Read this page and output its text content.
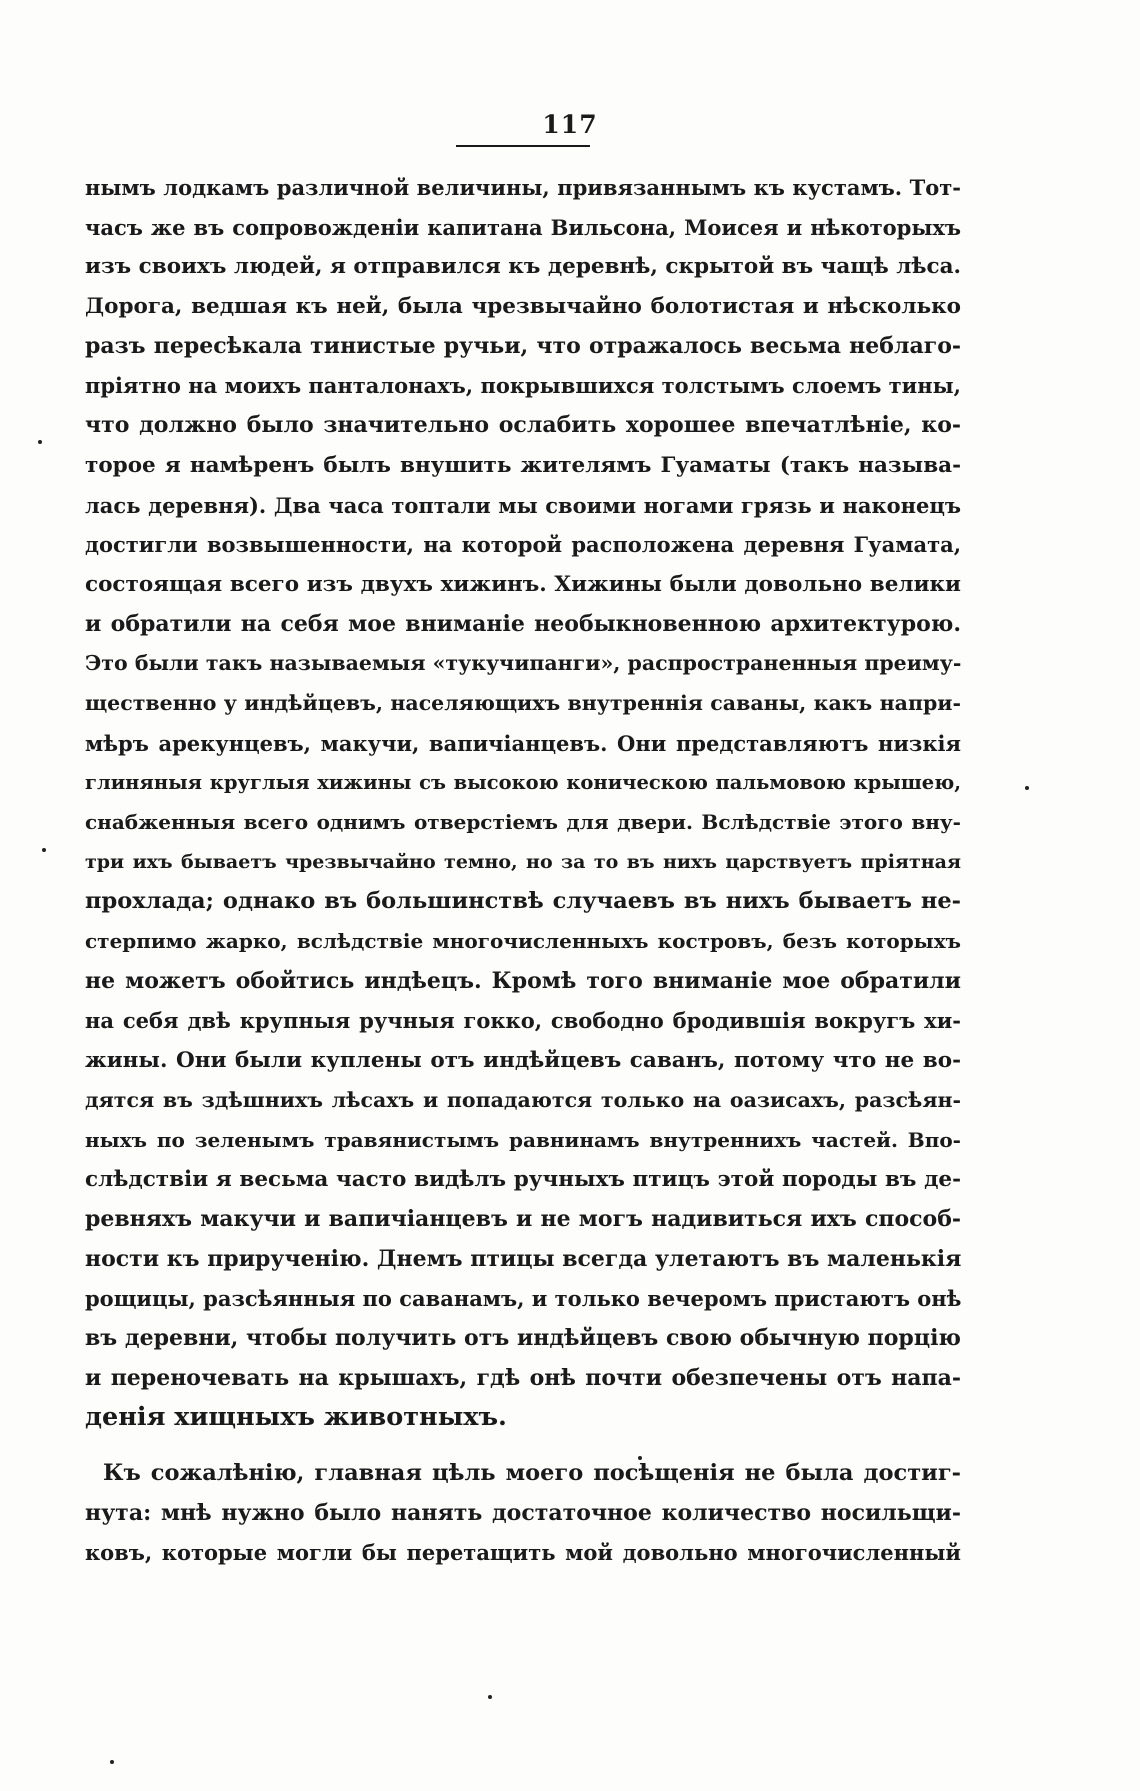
117
нымъ лодкамъ различной величины, привязаннымъ къ кустамъ. Тот-
часъ же въ сопровожденіи капитана Вильсона, Моисея и нѣкоторыхъ
изъ своихъ людей, я отправился къ деревнѣ, скрытой въ чащѣ лѣса.
Дорога, ведшая къ ней, была чрезвычайно болотистая и нѣсколько
разъ пересѣкала тинистые ручьи, что отражалось весьма неблаго-
пріятно на моихъ панталонахъ, покрывшихся толстымъ слоемъ тины,
что должно было значительно ослабить хорошее впечатлѣніе, ко-
торое я намѣренъ былъ внушить жителямъ Гуаматы (такъ называ-
лась деревня). Два часа топтали мы своими ногами грязь и наконецъ
достигли возвышенности, на которой расположена деревня Гуамата,
состоящая всего изъ двухъ хижинъ. Хижины были довольно велики
и обратили на себя мое вниманіе необыкновенною архитектурою.
Это были такъ называемыя «тукучипанги», распространенныя преиму-
щественно у индѣйцевъ, населяющихъ внутреннія саваны, какъ напри-
мѣръ арекунцевъ, макучи, вапичіанцевъ. Они представляютъ низкія
глиняныя круглыя хижины съ высокою коническою пальмовою крышею,
снабженныя всего однимъ отверстіемъ для двери. Вслѣдствіе этого вну-
три ихъ бываетъ чрезвычайно темно, но за то въ нихъ царствуетъ пріятная
прохлада; однако въ большинствѣ случаевъ въ нихъ бываетъ не-
стерпимо жарко, вслѣдствіе многочисленныхъ костровъ, безъ которыхъ
не можетъ обойтись индѣецъ. Кромѣ того вниманіе мое обратили
на себя двѣ крупныя ручныя гокко, свободно бродившія вокругъ хи-
жины. Они были куплены отъ индѣйцевъ саванъ, потому что не во-
дятся въ здѣшнихъ лѣсахъ и попадаются только на оазисахъ, разсѣян-
ныхъ по зеленымъ травянистымъ равнинамъ внутреннихъ частей. Впо-
слѣдствіи я весьма часто видѣлъ ручныхъ птицъ этой породы въ де-
ревняхъ макучи и вапичіанцевъ и не могъ надивиться ихъ способ-
ности къ прирученію. Днемъ птицы всегда улетаютъ въ маленькія
рощицы, разсѣянныя по саванамъ, и только вечеромъ пристаютъ онѣ
въ деревни, чтобы получить отъ индѣйцевъ свою обычную порцію
и переночевать на крышахъ, гдѣ онѣ почти обезпечены отъ напа-
денія хищныхъ животныхъ.
Къ сожалѣнію, главная цѣль моего посѣщенія не была достиг-
нута: мнѣ нужно было нанять достаточное количество носильщи-
ковъ, которые могли бы перетащить мой довольно многочисленный
